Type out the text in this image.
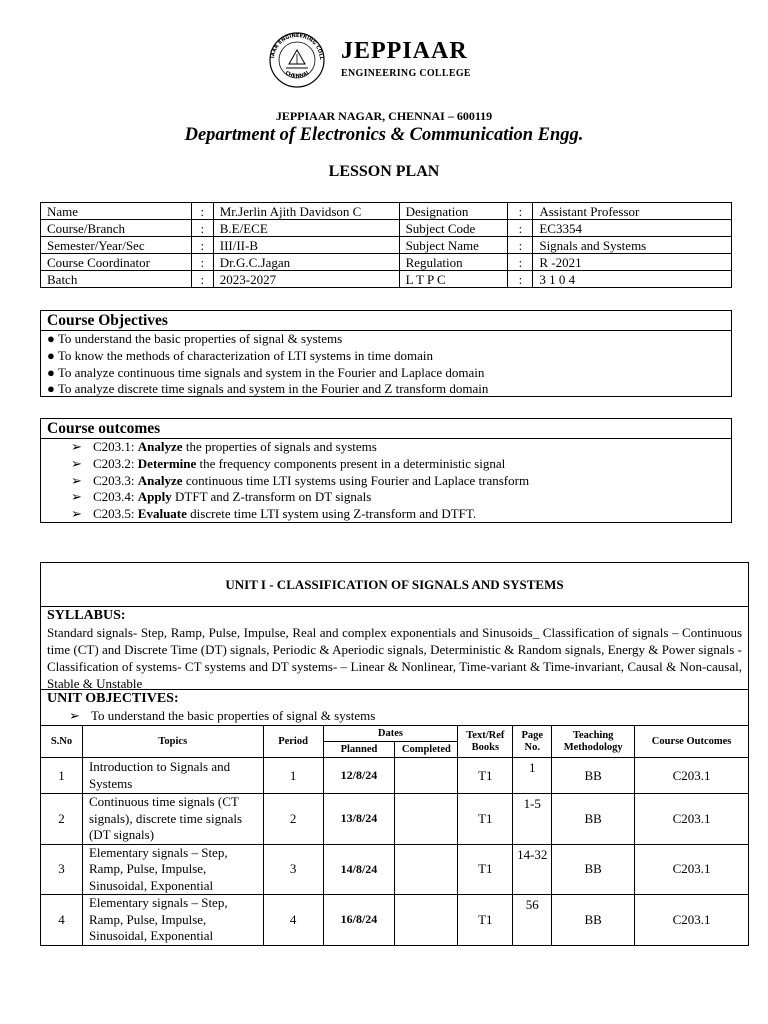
IAAR ENGINEERING COLL
CHENNAI
JEPPIAAR
ENGINEERING COLLEGE
JEPPIAAR NAGAR, CHENNAI – 600119
Department of Electronics & Communication Engg.
LESSON PLAN
Name	:	Mr.Jerlin Ajith Davidson C	Designation	:	Assistant Professor
Course/Branch	:	B.E/ECE	Subject Code	:	EC3354
Semester/Year/Sec	:	III/II-B	Subject Name	:	Signals and Systems
Course Coordinator	:	Dr.G.C.Jagan	Regulation	:	R -2021
Batch	:	2023-2027	L T P C	:	3 1 0 4
Course Objectives
● To understand the basic properties of signal & systems
● To know the methods of characterization of LTI systems in time domain
● To analyze continuous time signals and system in the Fourier and Laplace domain
● To analyze discrete time signals and system in the Fourier and Z transform domain
Course outcomes
➢ C203.1: Analyze the properties of signals and systems
➢ C203.2: Determine the frequency components present in a deterministic signal
➢ C203.3: Analyze continuous time LTI systems using Fourier and Laplace transform
➢ C203.4: Apply DTFT and Z-transform on DT signals
➢ C203.5: Evaluate discrete time LTI system using Z-transform and DTFT.
UNIT I - CLASSIFICATION OF SIGNALS AND SYSTEMS
SYLLABUS:
Standard signals- Step, Ramp, Pulse, Impulse, Real and complex exponentials and Sinusoids_ Classification of signals – Continuous time (CT) and Discrete Time (DT) signals, Periodic & Aperiodic signals, Deterministic & Random signals, Energy & Power signals - Classification of systems- CT systems and DT systems- – Linear & Nonlinear, Time-variant & Time-invariant, Causal & Non-causal, Stable & Unstable
UNIT OBJECTIVES:
➢ To understand the basic properties of signal & systems
S.No	Topics	Period	Dates		Text/Ref Books	Page No.	Teaching Methodology	Course Outcomes
			Planned	Completed				
1	Introduction to Signals and Systems	1	12/8/24		T1	1	BB	C203.1
2	Continuous time signals (CT signals), discrete time signals (DT signals)	2	13/8/24		T1	1-5	BB	C203.1
3	Elementary signals – Step, Ramp, Pulse, Impulse, Sinusoidal, Exponential	3	14/8/24		T1	14-32	BB	C203.1
4	Elementary signals – Step, Ramp, Pulse, Impulse, Sinusoidal, Exponential	4	16/8/24		T1	56	BB	C203.1
